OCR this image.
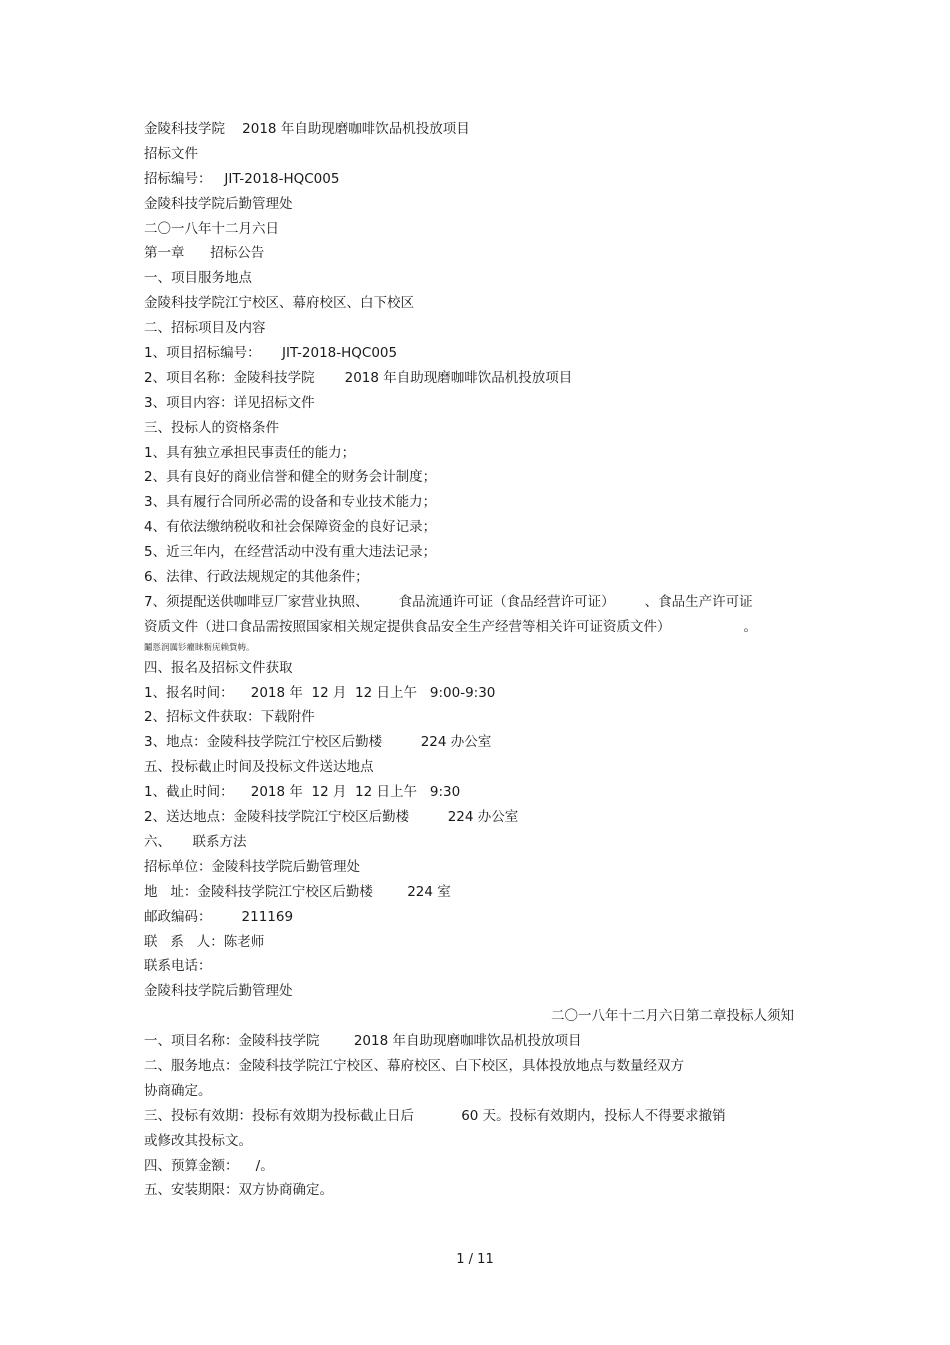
金陵科技学院    2018 年自助现磨咖啡饮品机投放项目
招标文件
招标编号：   JIT-2018-HQC005
金陵科技学院后勤管理处
二〇一八年十二月六日
第一章      招标公告
一、项目服务地点
金陵科技学院江宁校区、幕府校区、白下校区
二、招标项目及内容
1、项目招标编号：     JIT-2018-HQC005
2、项目名称：金陵科技学院       2018 年自助现磨咖啡饮品机投放项目
3、项目内容：详见招标文件
三、投标人的资格条件
1、具有独立承担民事责任的能力；
2、具有良好的商业信誉和健全的财务会计制度；
3、具有履行合同所必需的设备和专业技术能力；
4、有依法缴纳税收和社会保障资金的良好记录；
5、近三年内，在经营活动中没有重大违法记录；
6、法律、行政法规规定的其他条件；
7、须提配送供咖啡豆厂家营业执照、       食品流通许可证（食品经营许可证）       、食品生产许可证
资质文件（进口食品需按照国家相关规定提供食品安全生产经营等相关许可证资质文件）                 。
鬮悘润厲钐癯睐粝庑赖貲帱。
四、报名及招标文件获取
1、报名时间：    2018 年  12 月  12 日上午   9:00-9:30
2、招标文件获取：下载附件
3、地点：金陵科技学院江宁校区后勤楼         224 办公室
五、投标截止时间及投标文件送达地点
1、截止时间：    2018 年  12 月  12 日上午   9:30
2、送达地点：金陵科技学院江宁校区后勤楼         224 办公室
六、     联系方法
招标单位：金陵科技学院后勤管理处
地   址：金陵科技学院江宁校区后勤楼        224 室
邮政编码：       211169
联   系   人：陈老师
联系电话：
金陵科技学院后勤管理处
二〇一八年十二月六日第二章投标人须知
一、项目名称：金陵科技学院        2018 年自助现磨咖啡饮品机投放项目
二、服务地点：金陵科技学院江宁校区、幕府校区、白下校区，具体投放地点与数量经双方
协商确定。
三、投标有效期：投标有效期为投标截止日后           60 天。投标有效期内，投标人不得要求撤销
或修改其投标文。
四、预算金额：    /。
五、安装期限：双方协商确定。
1 / 11
